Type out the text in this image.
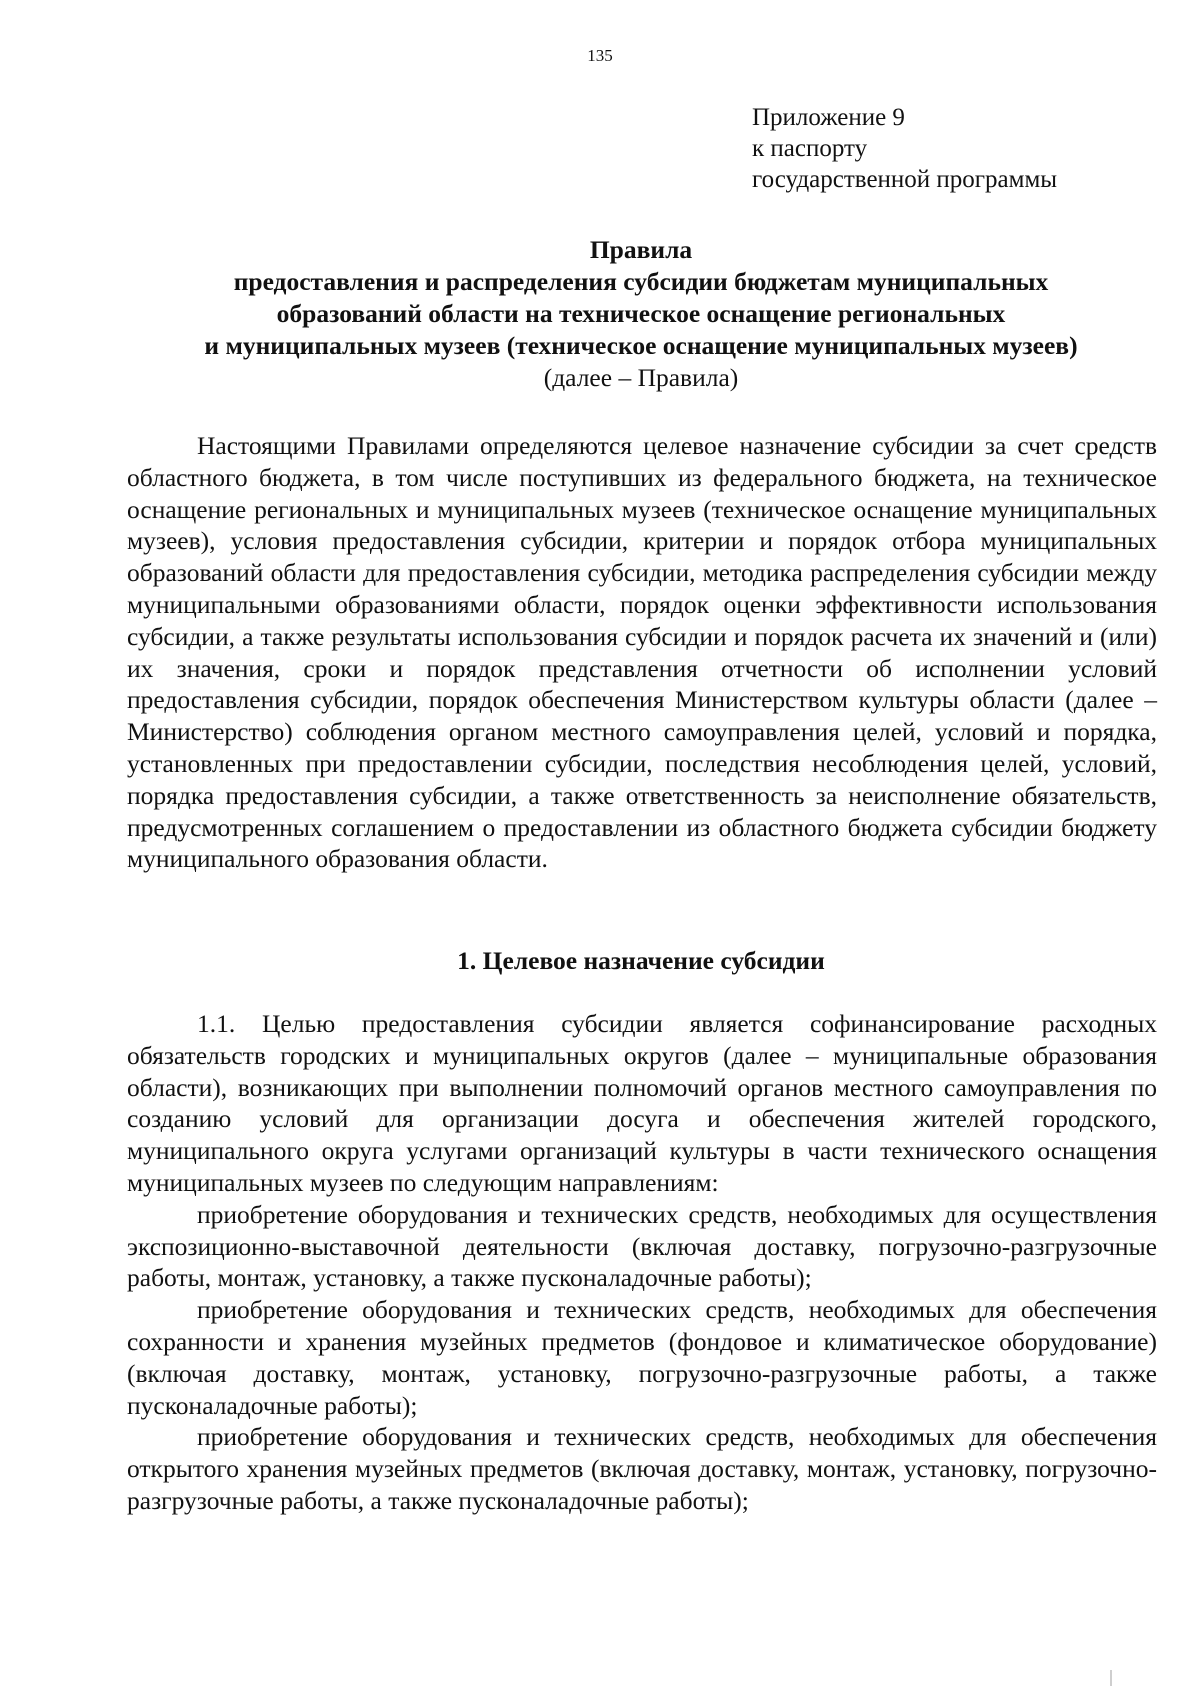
135
Приложение 9
к паспорту
государственной программы
Правила
предоставления и распределения субсидии бюджетам муниципальных
образований области на техническое оснащение региональных
и муниципальных музеев (техническое оснащение муниципальных музеев)
(далее – Правила)

Настоящими Правилами определяются целевое назначение субсидии за счет средств областного бюджета, в том числе поступивших из федерального бюджета, на техническое оснащение региональных и муниципальных музеев (техническое оснащение муниципальных музеев), условия предоставления субсидии, критерии и порядок отбора муниципальных образований области для предоставления субсидии, методика распределения субсидии между муниципальными образованиями области, порядок оценки эффективности использования субсидии, а также результаты использования субсидии и порядок расчета их значений и (или) их значения, сроки и порядок представления отчетности об исполнении условий предоставления субсидии, порядок обеспечения Министерством культуры области (далее – Министерство) соблюдения органом местного самоуправления целей, условий и порядка, установленных при предоставлении субсидии, последствия несоблюдения целей, условий, порядка предоставления субсидии, а также ответственность за неисполнение обязательств, предусмотренных соглашением о предоставлении из областного бюджета субсидии бюджету муниципального образования области.

1. Целевое назначение субсидии

1.1. Целью предоставления субсидии является софинансирование расходных обязательств городских и муниципальных округов (далее – муниципальные образования области), возникающих при выполнении полномочий органов местного самоуправления по созданию условий для организации досуга и обеспечения жителей городского, муниципального округа услугами организаций культуры в части технического оснащения муниципальных музеев по следующим направлениям:

приобретение оборудования и технических средств, необходимых для осуществления экспозиционно-выставочной деятельности (включая доставку, погрузочно-разгрузочные работы, монтаж, установку, а также пусконаладочные работы);

приобретение оборудования и технических средств, необходимых для обеспечения сохранности и хранения музейных предметов (фондовое и климатическое оборудование) (включая доставку, монтаж, установку, погрузочно-разгрузочные работы, а также пусконаладочные работы);

приобретение оборудования и технических средств, необходимых для обеспечения открытого хранения музейных предметов (включая доставку, монтаж, установку, погрузочно-разгрузочные работы, а также пусконаладочные работы);
